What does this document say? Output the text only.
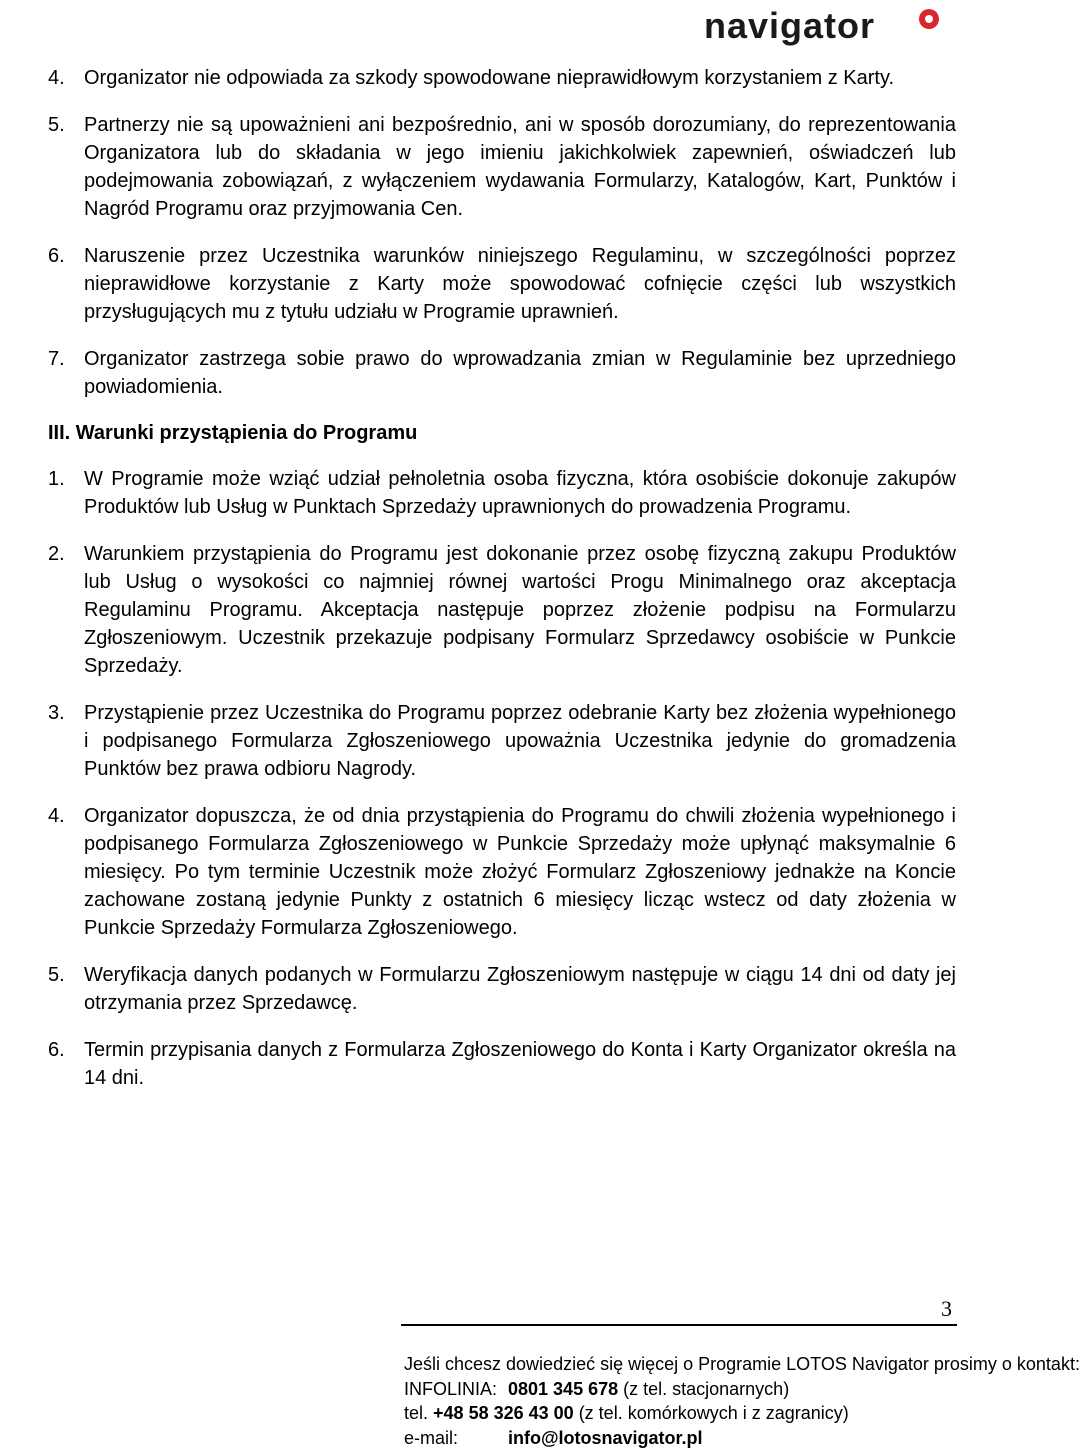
navigator
4. Organizator nie odpowiada za szkody spowodowane nieprawidłowym korzystaniem z Karty.
5. Partnerzy nie są upoważnieni ani bezpośrednio, ani w sposób dorozumiany, do reprezentowania Organizatora lub do składania w jego imieniu jakichkolwiek zapewnień, oświadczeń lub podejmowania zobowiązań, z wyłączeniem wydawania Formularzy, Katalogów, Kart, Punktów i Nagród Programu oraz przyjmowania Cen.
6. Naruszenie przez Uczestnika warunków niniejszego Regulaminu, w szczególności poprzez nieprawidłowe korzystanie z Karty może spowodować cofnięcie części lub wszystkich przysługujących mu z tytułu udziału w Programie uprawnień.
7. Organizator zastrzega sobie prawo do wprowadzania zmian w Regulaminie bez uprzedniego powiadomienia.
III. Warunki przystąpienia do Programu
1. W Programie może wziąć udział pełnoletnia osoba fizyczna, która osobiście dokonuje zakupów Produktów lub Usług w Punktach Sprzedaży uprawnionych do prowadzenia Programu.
2. Warunkiem przystąpienia do Programu jest dokonanie przez osobę fizyczną zakupu Produktów lub Usług o wysokości co najmniej równej wartości Progu Minimalnego oraz akceptacja Regulaminu Programu. Akceptacja następuje poprzez złożenie podpisu na Formularzu Zgłoszeniowym. Uczestnik przekazuje podpisany Formularz Sprzedawcy osobiście w Punkcie Sprzedaży.
3. Przystąpienie przez Uczestnika do Programu poprzez odebranie Karty bez złożenia wypełnionego i podpisanego Formularza Zgłoszeniowego upoważnia Uczestnika jedynie do gromadzenia Punktów bez prawa odbioru Nagrody.
4. Organizator dopuszcza, że od dnia przystąpienia do Programu do chwili złożenia wypełnionego i podpisanego Formularza Zgłoszeniowego w Punkcie Sprzedaży może upłynąć maksymalnie 6 miesięcy. Po tym terminie Uczestnik może złożyć Formularz Zgłoszeniowy jednakże na Koncie zachowane zostaną jedynie Punkty z ostatnich 6 miesięcy licząc wstecz od daty złożenia w Punkcie Sprzedaży Formularza Zgłoszeniowego.
5. Weryfikacja danych podanych w Formularzu Zgłoszeniowym następuje w ciągu 14 dni od daty jej otrzymania przez Sprzedawcę.
6. Termin przypisania danych z Formularza Zgłoszeniowego do Konta i Karty Organizator określa na 14 dni.
3
Jeśli chcesz dowiedzieć się więcej o Programie LOTOS Navigator prosimy o kontakt:
INFOLINIA: 0801 345 678 (z tel. stacjonarnych)
tel. +48 58 326 43 00 (z tel. komórkowych i z zagranicy)
e-mail:	info@lotosnavigator.pl
